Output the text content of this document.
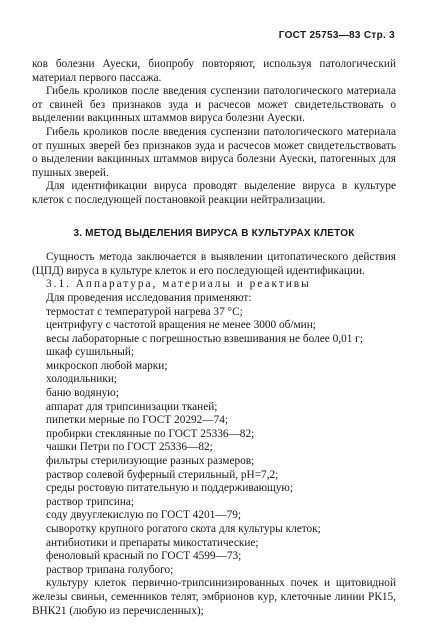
ГОСТ 25753—83 Стр. 3

ков болезни Ауески, биопробу повторяют, используя патологический материал первого пассажа.

Гибель кроликов после введения суспензии патологического материала от свиней без признаков зуда и расчесов может свидетельствовать о выделении вакцинных штаммов вируса болезни Ауески.

Гибель кроликов после введения суспензии патологического материала от пушных зверей без признаков зуда и расчесов может свидетельствовать о выделении вакцинных штаммов вируса болезни Ауески, патогенных для пушных зверей.

Для идентификации вируса проводят выделение вируса в культуре клеток с последующей постановкой реакции нейтрализации.

3. МЕТОД ВЫДЕЛЕНИЯ ВИРУСА В КУЛЬТУРАХ КЛЕТОК

Сущность метода заключается в выявлении цитопатического действия (ЦПД) вируса в культуре клеток и его последующей идентификации.

3.1. Аппаратура, материалы и реактивы

Для проведения исследования применяют:

термостат с температурой нагрева 37 °С;

центрифугу с частотой вращения не менее 3000 об/мин;

весы лабораторные с погрешностью взвешивания не более 0,01 г;

шкаф сушильный;

микроскоп любой марки;

холодильники;

баню водяную;

аппарат для трипсинизации тканей;

пипетки мерные по ГОСТ 20292—74;

пробирки стеклянные по ГОСТ 25336—82;

чашки Петри по ГОСТ 25336—82;

фильтры стерилизующие разных размеров;

раствор солевой буферный стерильный, pH=7,2;

среды ростовую питательную и поддерживающую;

раствор трипсина;

соду двууглекислую по ГОСТ 4201—79;

сыворотку крупного рогатого скота для культуры клеток;

антибиотики и препараты микостатические;

феноловый красный по ГОСТ 4599—73;

раствор трипана голубого;

культуру клеток первично-трипсинизированных почек и щитовидной железы свиньи, семенников телят, эмбрионов кур, клеточные линии РК15, ВНК21 (любую из перечисленных);
